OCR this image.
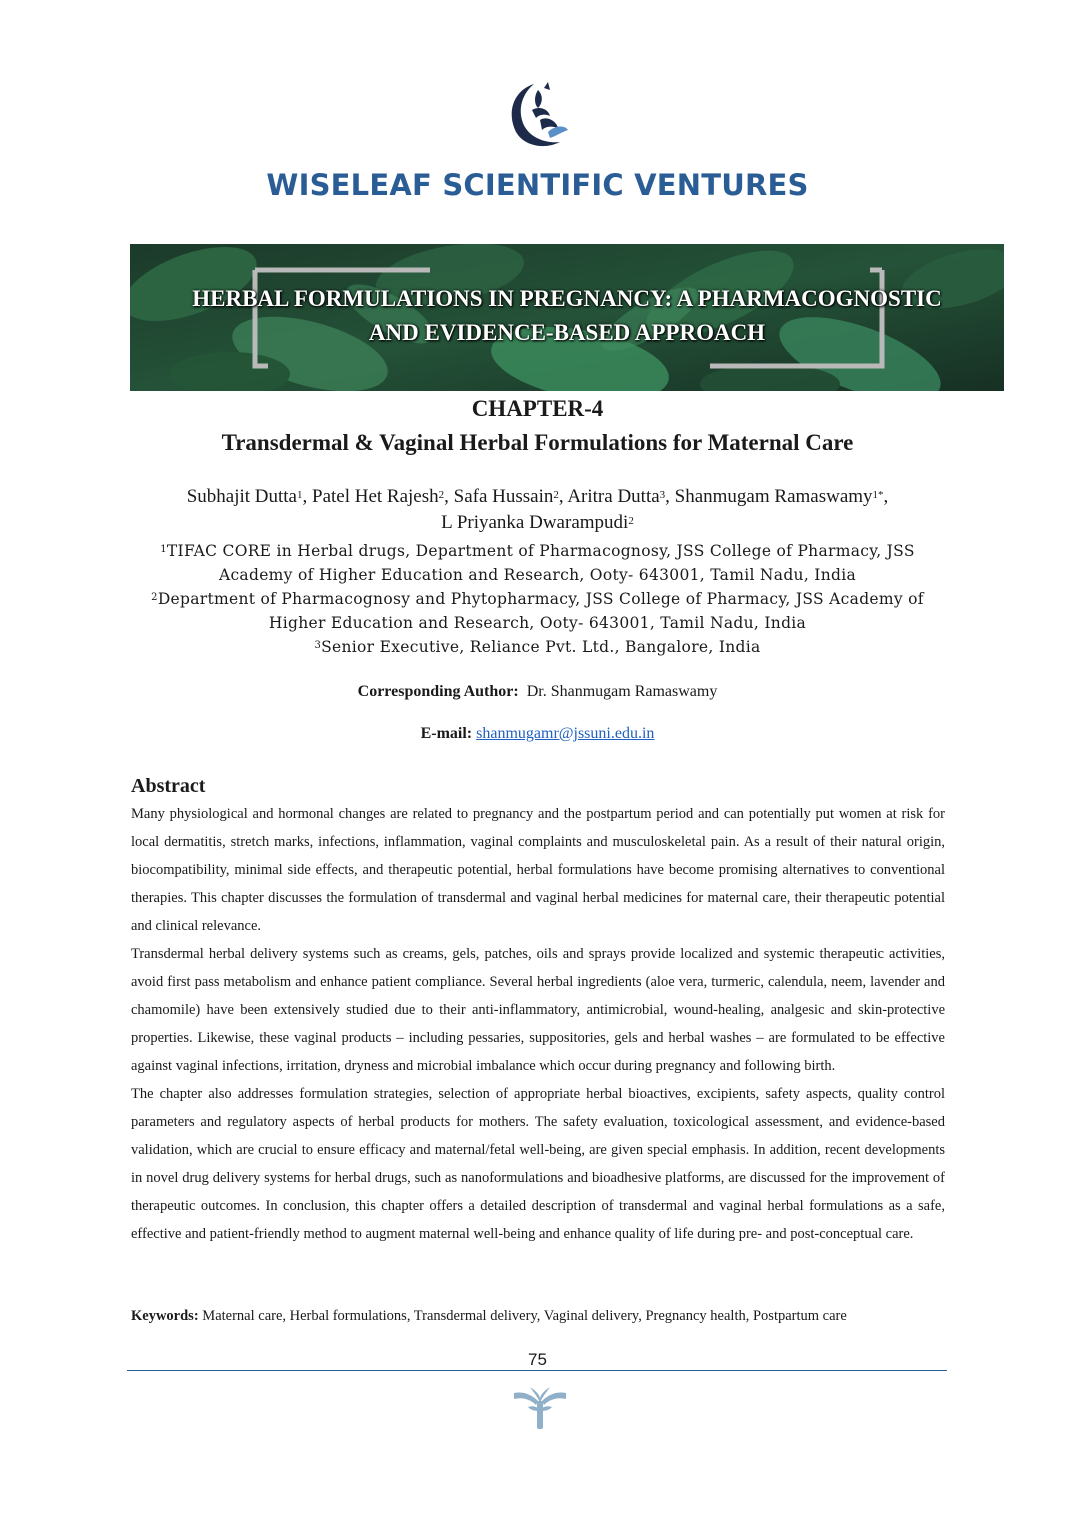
WISELEAF SCIENTIFIC VENTURES
HERBAL FORMULATIONS IN PREGNANCY: A PHARMACOGNOSTIC
AND EVIDENCE-BASED APPROACH
CHAPTER-4
Transdermal & Vaginal Herbal Formulations for Maternal Care
Subhajit Dutta$^1$, Patel Het Rajesh$^2$, Safa Hussain$^2$, Aritra Dutta$^3$, Shanmugam Ramaswamy$^{1*}$,
L Priyanka Dwarampudi$^2$
$^1$TIFAC CORE in Herbal drugs, Department of Pharmacognosy, JSS College of Pharmacy, JSS
Academy of Higher Education and Research, Ooty- 643001, Tamil Nadu, India
$^2$Department of Pharmacognosy and Phytopharmacy, JSS College of Pharmacy, JSS Academy of
Higher Education and Research, Ooty- 643001, Tamil Nadu, India
$^3$Senior Executive, Reliance Pvt. Ltd., Bangalore, India
Corresponding Author: Dr. Shanmugam Ramaswamy
E-mail: shanmugamr@jssuni.edu.in
Abstract

Many physiological and hormonal changes are related to pregnancy and the postpartum period and can potentially put women at risk for local dermatitis, stretch marks, infections, inflammation, vaginal complaints and musculoskeletal pain. As a result of their natural origin, biocompatibility, minimal side effects, and therapeutic potential, herbal formulations have become promising alternatives to conventional therapies. This chapter discusses the formulation of transdermal and vaginal herbal medicines for maternal care, their therapeutic potential and clinical relevance.

Transdermal herbal delivery systems such as creams, gels, patches, oils and sprays provide localized and systemic therapeutic activities, avoid first pass metabolism and enhance patient compliance. Several herbal ingredients (aloe vera, turmeric, calendula, neem, lavender and chamomile) have been extensively studied due to their anti-inflammatory, antimicrobial, wound-healing, analgesic and skin-protective properties. Likewise, these vaginal products – including pessaries, suppositories, gels and herbal washes – are formulated to be effective against vaginal infections, irritation, dryness and microbial imbalance which occur during pregnancy and following birth.

The chapter also addresses formulation strategies, selection of appropriate herbal bioactives, excipients, safety aspects, quality control parameters and regulatory aspects of herbal products for mothers. The safety evaluation, toxicological assessment, and evidence-based validation, which are crucial to ensure efficacy and maternal/fetal well-being, are given special emphasis. In addition, recent developments in novel drug delivery systems for herbal drugs, such as nanoformulations and bioadhesive platforms, are discussed for the improvement of therapeutic outcomes. In conclusion, this chapter offers a detailed description of transdermal and vaginal herbal formulations as a safe, effective and patient-friendly method to augment maternal well-being and enhance quality of life during pre- and post-conceptual care.

Keywords: Maternal care, Herbal formulations, Transdermal delivery, Vaginal delivery, Pregnancy health, Postpartum care
75
